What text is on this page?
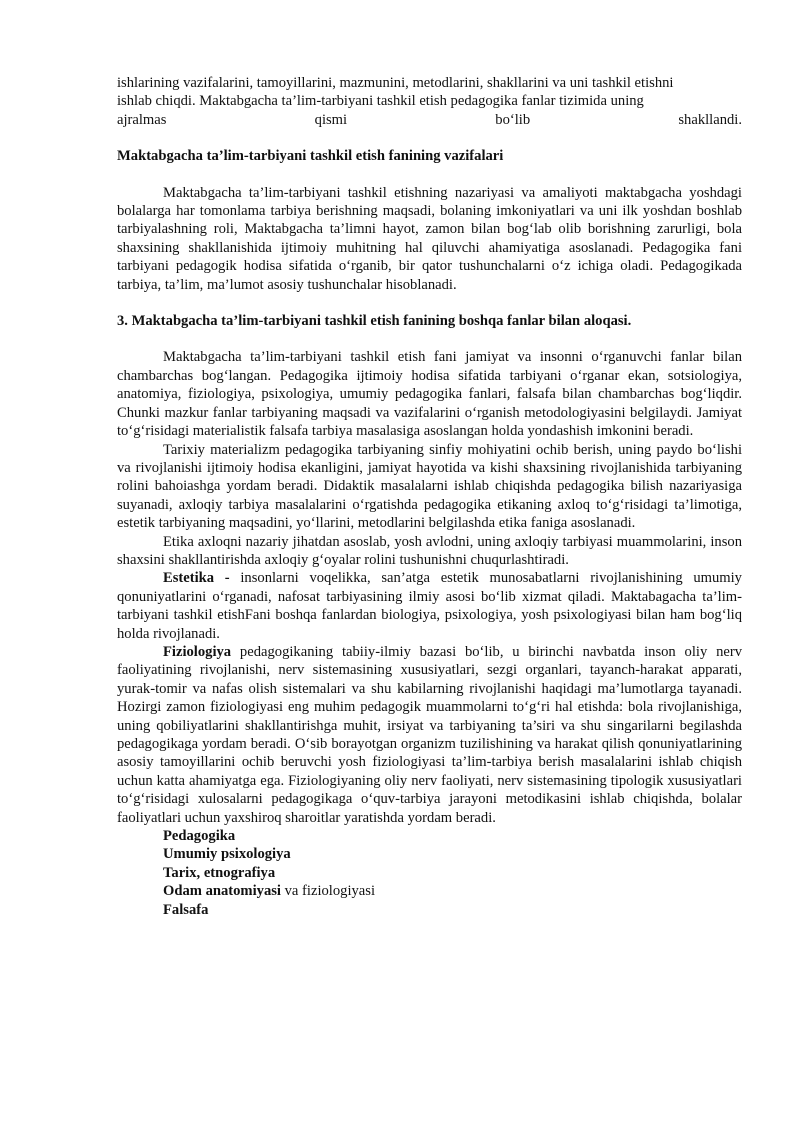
ishlarining vazifalarini, tamoyillarini, mazmunini, metodlarini, shakllarini va uni tashkil etishni

ishlab chiqdi. Maktabgacha ta’lim-tarbiyani tashkil etish pedagogika fanlar tizimida uning

ajralmas	qismi	bo‘lib	shakllandi.

Maktabgacha ta’lim-tarbiyani tashkil etish fanining vazifalari

Maktabgacha ta’lim-tarbiyani tashkil etishning nazariyasi va amaliyoti maktabgacha yoshdagi bolalarga har tomonlama tarbiya berishning maqsadi, bolaning imkoniyatlari va uni ilk yoshdan boshlab tarbiyalashning roli, Maktabgacha ta’limni hayot, zamon bilan bog‘lab olib borishning zarurligi, bola shaxsining shakllanishida ijtimoiy muhitning hal qiluvchi ahamiyatiga asoslanadi. Pedagogika fani tarbiyani pedagogik hodisa sifatida o‘rganib, bir qator tushunchalarni o‘z ichiga oladi. Pedagogikada tarbiya, ta’lim, ma’lumot asosiy tushunchalar hisoblanadi.

3. Maktabgacha ta’lim-tarbiyani tashkil etish fanining boshqa fanlar bilan aloqasi.

Maktabgacha ta’lim-tarbiyani tashkil etish fani jamiyat va insonni o‘rganuvchi fanlar bilan chambarchas bog‘langan. Pedagogika ijtimoiy hodisa sifatida tarbiyani o‘rganar ekan, sotsiologiya, anatomiya, fiziologiya, psixologiya, umumiy pedagogika fanlari, falsafa bilan chambarchas bog‘liqdir. Chunki mazkur fanlar tarbiyaning maqsadi va vazifalarini o‘rganish metodologiyasini belgilaydi. Jamiyat to‘g‘risidagi materialistik falsafa tarbiya masalasiga asoslangan holda yondashish imkonini beradi.

Tarixiy materializm pedagogika tarbiyaning sinfiy mohiyatini ochib berish, uning paydo bo‘lishi va rivojlanishi ijtimoiy hodisa ekanligini, jamiyat hayotida va kishi shaxsining rivojlanishida tarbiyaning rolini bahoiashga yordam beradi. Didaktik masalalarni ishlab chiqishda pedagogika bilish nazariyasiga suyanadi, axloqiy tarbiya masalalarini o‘rgatishda pedagogika etikaning axloq to‘g‘risidagi ta’limotiga, estetik tarbiyaning maqsadini, yo‘llarini, metodlarini belgilashda etika faniga asoslanadi.

Etika axloqni nazariy jihatdan asoslab, yosh avlodni, uning axloqiy tarbiyasi muammolarini, inson shaxsini shakllantirishda axloqiy g‘oyalar rolini tushunishni chuqurlashtiradi.

Estetika - insonlarni voqelikka, san’atga estetik munosabatlarni rivojlanishining umumiy qonuniyatlarini o‘rganadi, nafosat tarbiyasining ilmiy asosi bo‘lib xizmat qiladi. Maktabagacha ta’lim-tarbiyani tashkil etishFani boshqa fanlardan biologiya, psixologiya, yosh psixologiyasi bilan ham bog‘liq holda rivojlanadi.

Fiziologiya pedagogikaning tabiiy-ilmiy bazasi bo‘lib, u birinchi navbatda inson oliy nerv faoliyatining rivojlanishi, nerv sistemasining xususiyatlari, sezgi organlari, tayanch-harakat apparati, yurak-tomir va nafas olish sistemalari va shu kabilarning rivojlanishi haqidagi ma’lumotlarga tayanadi. Hozirgi zamon fiziologiyasi eng muhim pedagogik muammolarni to‘g‘ri hal etishda: bola rivojlanishiga, uning qobiliyatlarini shakllantirishga muhit, irsiyat va tarbiyaning ta’siri va shu singarilarni begilashda pedagogikaga yordam beradi. O‘sib borayotgan organizm tuzilishining va harakat qilish qonuniyatlarining asosiy tamoyillarini ochib beruvchi yosh fiziologiyasi ta’lim-tarbiya berish masalalarini ishlab chiqish uchun katta ahamiyatga ega. Fiziologiyaning oliy nerv faoliyati, nerv sistemasining tipologik xususiyatlari to‘g‘risidagi xulosalarni pedagogikaga o‘quv-tarbiya jarayoni metodikasini ishlab chiqishda, bolalar faoliyatlari uchun yaxshiroq sharoitlar yaratishda yordam beradi.

Pedagogika
Umumiy psixologiya
Tarix, etnografiya
Odam anatomiyasi va fiziologiyasi
Falsafa
